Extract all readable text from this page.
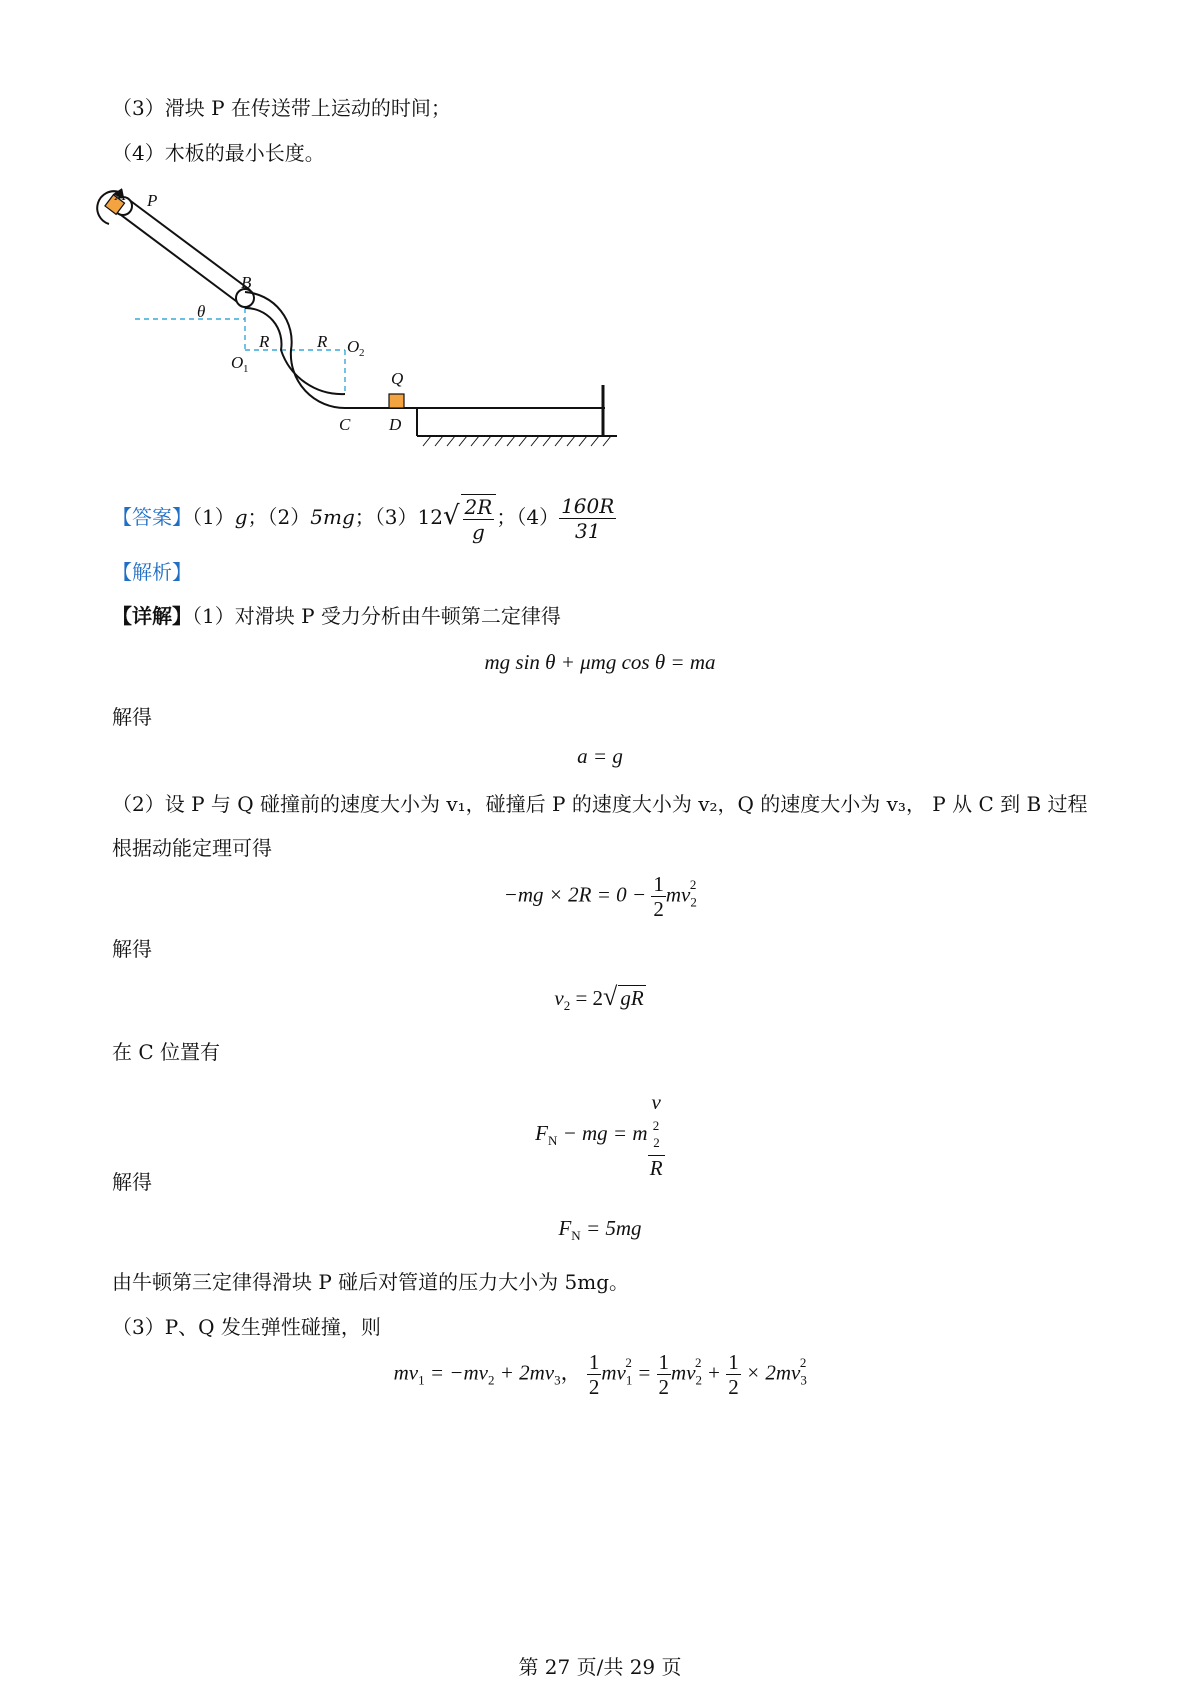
（3）滑块 P 在传送带上运动的时间；
（4）木板的最小长度。
A P
B
θ
R	R
O 1
O 2
C D
Q
【答案】（1）g；（2）5mg；$(3)12√ \frac{2R}{g}$ ；$(4) \frac{160R}{31}$
【解析】
【详解】（1）对滑块 P 受力分析由牛顿第二定律得
mg sin θ + μmg cos θ = ma
解得
a = g
（2）设 P 与 Q 碰撞前的速度大小为 v₁，碰撞后 P 的速度大小为 v₂，Q 的速度大小为 v₃， P 从 C 到 B 过程
根据动能定理可得
$-mg \times 2R = 0 - \frac{1}{2} mv_2^2$
解得
$v_2 = 2√$ gR
在 C 位置有
$F_N$ − mg = m v
$_2^2$
R
解得
$F_N = 5mg$
由牛顿第三定律得滑块 P 碰后对管道的压力大小为 5mg。
（3）P、Q 发生弹性碰撞，则
$mv_1 = -mv_2 + 2mv_3$， $\frac{1}{2} mv_1^2 = \frac{1}{2} mv_2^2 + \frac{1}{2} \times 2mv_3^2$
第 27 页/共 29 页
